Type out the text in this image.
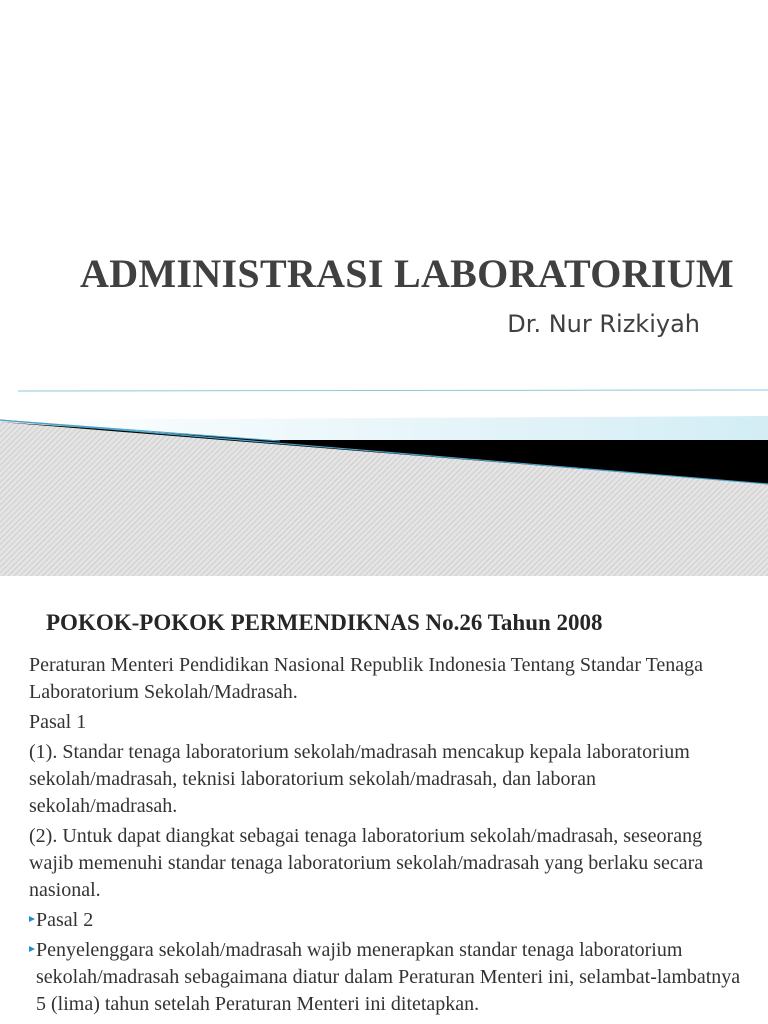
ADMINISTRASI LABORATORIUM

Dr. Nur Rizkiyah

POKOK-POKOK PERMENDIKNAS No.26 Tahun 2008

Peraturan Menteri Pendidikan Nasional Republik Indonesia Tentang Standar Tenaga Laboratorium Sekolah/Madrasah.

Pasal 1

(1). Standar tenaga laboratorium sekolah/madrasah mencakup kepala laboratorium sekolah/madrasah, teknisi laboratorium sekolah/madrasah, dan laboran sekolah/madrasah.

(2). Untuk dapat diangkat sebagai tenaga laboratorium sekolah/madrasah, seseorang wajib memenuhi standar tenaga laboratorium sekolah/madrasah yang berlaku secara nasional.

Pasal 2
Penyelenggara sekolah/madrasah wajib menerapkan standar tenaga laboratorium sekolah/madrasah sebagaimana diatur dalam Peraturan Menteri ini, selambat-lambatnya 5 (lima) tahun setelah Peraturan Menteri ini ditetapkan.
